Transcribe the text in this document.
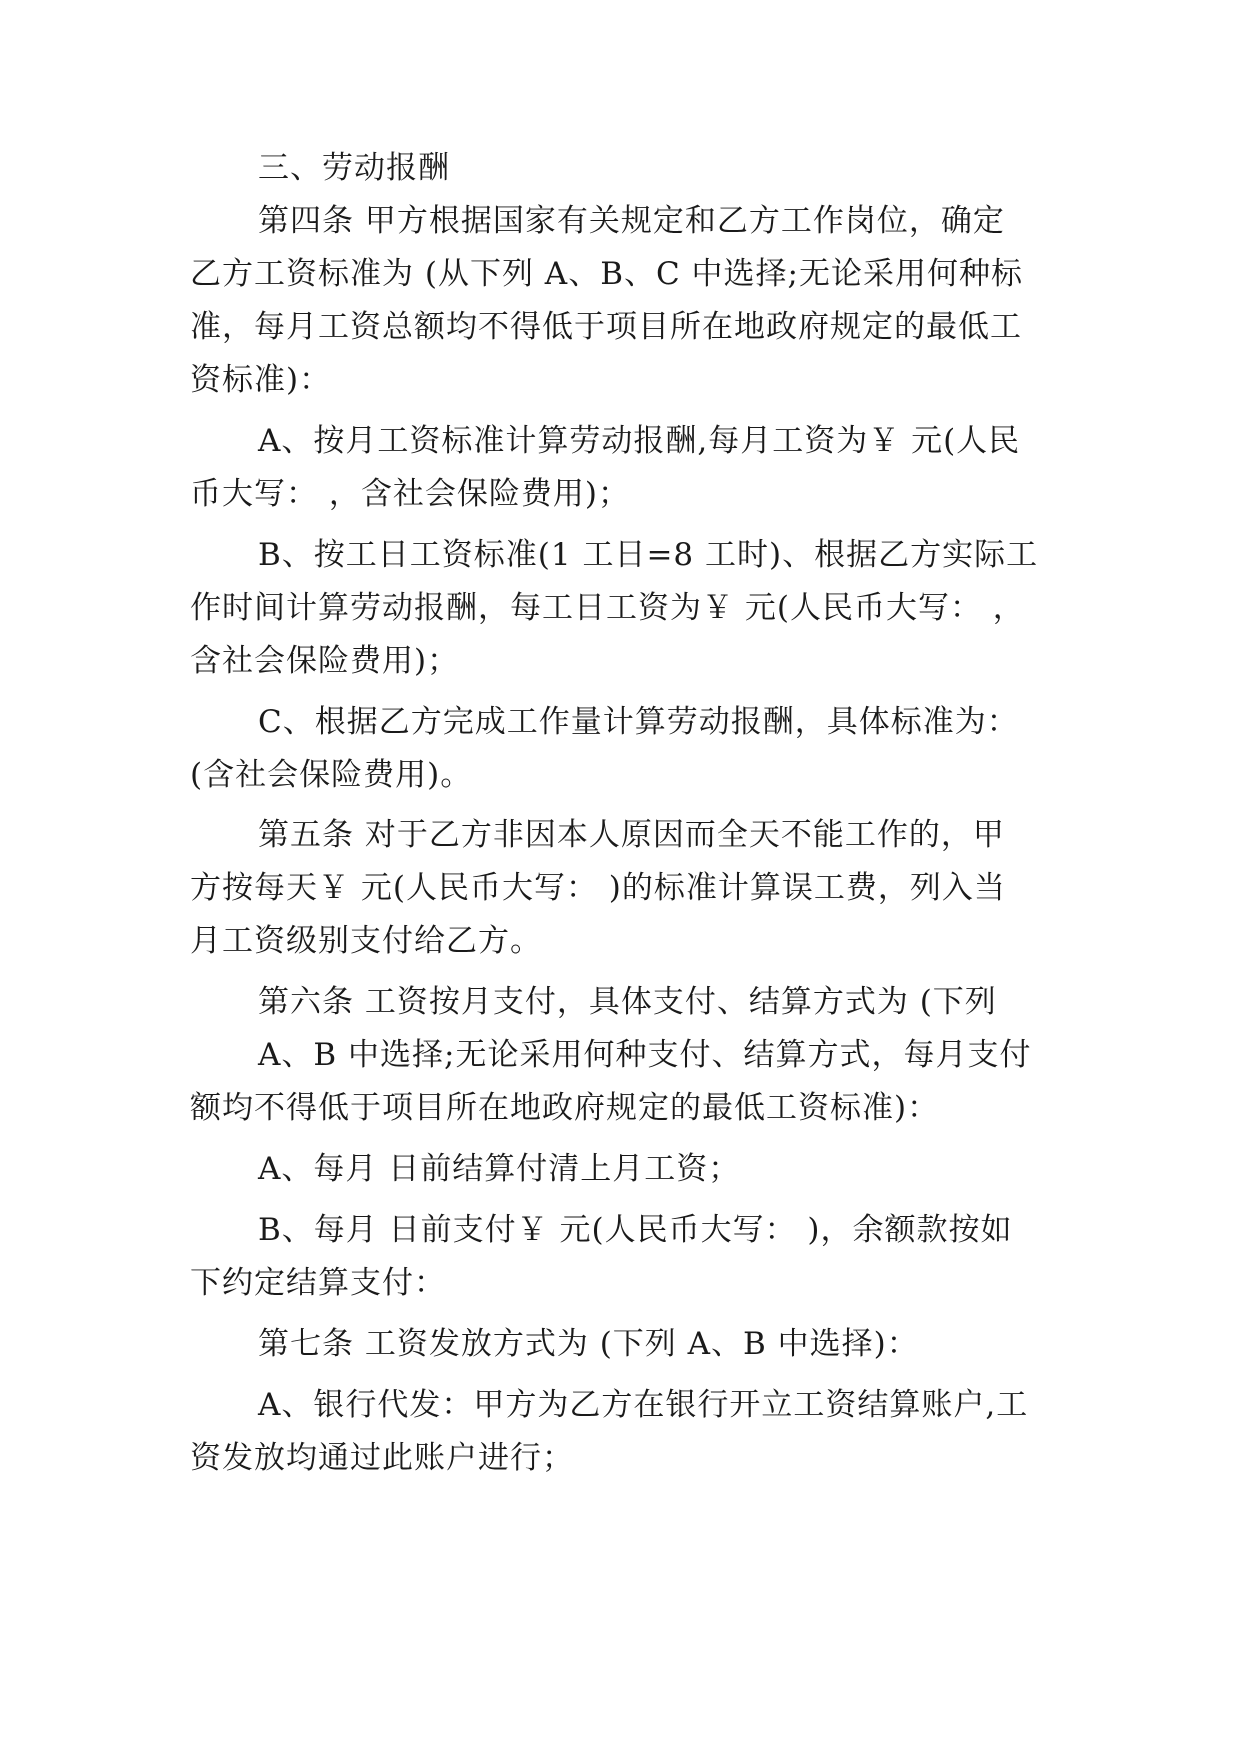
三、劳动报酬
第四条 甲方根据国家有关规定和乙方工作岗位，确定
乙方工资标准为 (从下列 A、B、C 中选择;无论采用何种标
准，每月工资总额均不得低于项目所在地政府规定的最低工
资标准)：
A、按月工资标准计算劳动报酬,每月工资为￥ 元(人民
币大写： ，含社会保险费用)；
B、按工日工资标准(1 工日=8 工时)、根据乙方实际工
作时间计算劳动报酬，每工日工资为￥ 元(人民币大写： ，
含社会保险费用)；
C、根据乙方完成工作量计算劳动报酬，具体标准为：
(含社会保险费用)。
第五条 对于乙方非因本人原因而全天不能工作的，甲
方按每天￥ 元(人民币大写： )的标准计算误工费，列入当
月工资级别支付给乙方。
第六条 工资按月支付，具体支付、结算方式为 (下列
A、B 中选择;无论采用何种支付、结算方式，每月支付
额均不得低于项目所在地政府规定的最低工资标准)：
A、每月 日前结算付清上月工资；
B、每月 日前支付￥ 元(人民币大写： )，余额款按如
下约定结算支付：
第七条 工资发放方式为 (下列 A、B 中选择)：
A、银行代发：甲方为乙方在银行开立工资结算账户,工
资发放均通过此账户进行；
